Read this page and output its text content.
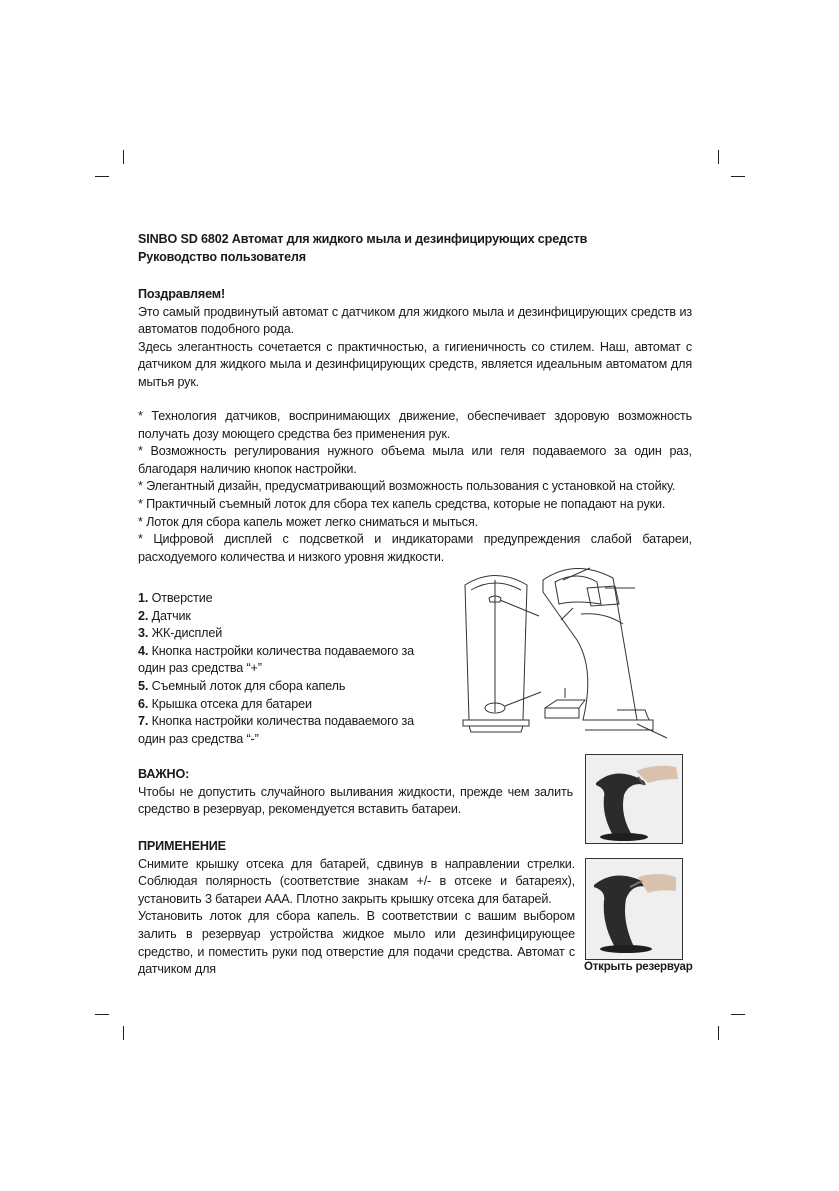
SINBO SD 6802 Автомат для жидкого мыла и дезинфицирующих средств
Руководство пользователя
Поздравляем!

Это самый продвинутый автомат с датчиком для жидкого мыла и дезинфицирующих средств из автоматов подобного рода.

Здесь элегантность сочетается с практичностью, а гигиеничность со стилем. Наш, автомат с датчиком для жидкого мыла и дезинфицирующих средств, является идеальным автоматом для мытья рук.

* Технология датчиков, воспринимающих движение, обеспечивает здоровую возможность получать дозу моющего средства без применения рук.

* Возможность регулирования нужного объема мыла или геля подаваемого за один раз, благодаря наличию кнопок настройки.

* Элегантный дизайн, предусматривающий возможность пользования с установкой на стойку.

* Практичный съемный лоток для сбора тех капель средства, которые не попадают на руки.

* Лоток для сбора капель может легко сниматься и мыться.

* Цифровой дисплей с подсветкой и индикаторами предупреждения слабой батареи, расходуемого количества и низкого уровня жидкости.

1. Отверстие
2. Датчик
3. ЖК-дисплей
4. Кнопка настройки количества подаваемого за
один раз средства “+”
5. Съемный лоток для сбора капель
6. Крышка отсека для батареи
7. Кнопка настройки количества подаваемого за
один раз средства “-”
ВАЖНО:

Чтобы не допустить случайного выливания жидкости, прежде чем залить средство в резервуар, рекомендуется вставить батареи.

ПРИМЕНЕНИЕ

Снимите крышку отсека для батарей, сдвинув в направлении стрелки. Соблюдая полярность (соответствие знакам +/- в отсеке и батареях), установить 3 батареи ААА. Плотно закрыть крышку отсека для батарей.

Установить лоток для сбора капель. В соответствии с вашим выбором залить в резервуар устройства жидкое мыло или дезинфицирующее средство, и поместить руки под отверстие для подачи средства. Автомат с датчиком для	Открыть резервуар
